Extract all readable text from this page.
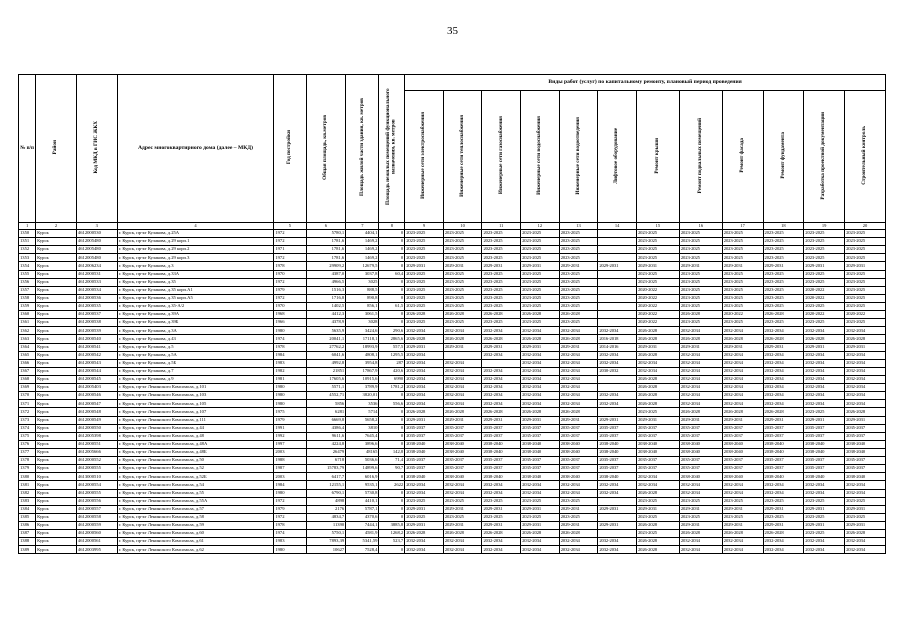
35
№ п/п	Район	Код МКД в ГИС ЖКХ	Адрес многоквартирного дома (далее – МКД)	Год постройки	Общая площадь, кв.метров	Площадь жилой части здания, кв. метров	Площадь нежилых помещений функционального назначения, кв. метров	Виды работ (услуг) по капитальному ремонту, плановый период проведения											
								Инженерные сети электроснабжения	Инженерные сети теплоснабжения	Инженерные сети газоснабжения	Инженерные сети водоснабжения	Инженерные сети водоотведения	Лифтовое оборудование	Ремонт крыши	Ремонт подвальных помещений	Ремонт фасада	Ремонт фундамента	Разработка проектной документации	Строительный контроль
1	2	3	4	5	6	7	8	9	10	11	12	13	14	15	16	17	18	19	20
1350	Курск	4612000530	г. Курск, пр-кт Кулакова, д.25А	1972	5780,1	4404,1	0	2023-2025	2023-2025	2023-2025	2023-2025	2023-2025		2023-2025	2023-2025	2023-2025	2023-2025	2023-2025	2023-2025
1351	Курск	4612005480	г. Курск, пр-кт Кулакова, д.29 корп.1	1972	1781,6	1469,2	0	2023-2025	2023-2025	2023-2025	2023-2025	2023-2025		2023-2025	2023-2025	2023-2025	2023-2025	2023-2025	2023-2025
1352	Курск	4612005480	г. Курск, пр-кт Кулакова, д.29 корп.2	1971	1781,6	1469,2	0	2023-2025	2023-2025	2023-2025	2023-2025	2023-2025		2023-2025	2023-2025	2023-2025	2023-2025	2023-2025	2023-2025
1353	Курск	4612005480	г. Курск, пр-кт Кулакова, д.29 корп.3	1972	1781,6	1469,2	0	2023-2025	2023-2025	2023-2025	2023-2025	2023-2025		2023-2025	2023-2025	2023-2025	2023-2025	2023-2025	2023-2025
1354	Курск	4612006234	г. Курск, пр-кт Кулакова, д.3	1978	29909,2	12679,5	0	2029-2031	2029-2031	2029-2031	2029-2031	2029-2031	2029-2031	2029-2031	2029-2031	2029-2031	2029-2031	2029-2031	2029-2031
1355	Курск	4612000531	г. Курск, пр-кт Кулакова, д.33А	1970	4387,0	3037,8	60,4	2023-2025	2023-2025	2023-2025	2023-2025	2023-2025		2023-2025	2023-2025	2023-2025	2023-2025	2023-2025	2023-2025
1356	Курск	4612000533	г. Курск, пр-кт Кулакова, д.35	1972	4966,5	3025	0	2023-2025	2023-2025	2023-2025	2023-2025	2023-2025		2023-2025	2023-2025	2023-2025	2023-2025	2023-2025	2023-2025
1357	Курск	4612000534	г. Курск, пр-кт Кулакова, д.35 корп.А1	1979	1516,3	888,5	0	2023-2025	2023-2025	2023-2025	2023-2025	2023-2025		2020-2022	2023-2025	2023-2025	2023-2025	2020-2022	2023-2025
1358	Курск	4612000536	г. Курск, пр-кт Кулакова, д.35 корп.А5	1972	1716,8	890,8	0	2023-2025	2023-2025	2023-2025	2023-2025	2023-2025		2020-2022	2023-2025	2023-2025	2023-2025	2020-2022	2023-2025
1359	Курск	4612000535	г. Курск, пр-кт Кулакова, д.35-А/2	1970	1402,5	856,1	61,5	2023-2025	2023-2025	2023-2025	2023-2025	2023-2025		2020-2022	2023-2025	2023-2025	2023-2025	2023-2025	2023-2025
1360	Курск	4612000537	г. Курск, пр-кт Кулакова, д.39А	1968	4412,3	3061,5	0	2026-2028	2026-2028	2026-2028	2026-2028	2026-2028		2020-2022	2026-2028	2020-2022	2026-2028	2020-2022	2020-2022
1361	Курск	4612000538	г. Курск, пр-кт Кулакова, д.39Б	1966	4378,9	3028	0	2023-2025	2023-2025	2023-2025	2023-2025	2023-2025		2020-2022	2023-2025	2023-2025	2023-2025	2023-2025	2023-2025
1362	Курск	4612000539	г. Курск, пр-кт Кулакова, д.3А	1980	5635,9	3424,6	290,6	2032-2034	2032-2034	2032-2034	2032-2034	2032-2034	2032-2034	2026-2028	2032-2034	2032-2034	2032-2034	2032-2034	2032-2034
1363	Курск	4612000540	г. Курск, пр-кт Кулакова, д.43	1974	20041,1	17118,1	2865,6	2026-2028	2026-2028	2026-2028	2026-2028	2026-2028	2016-2018	2026-2028	2026-2028	2026-2028	2026-2028	2026-2028	2026-2028
1364	Курск	4612000541	г. Курск, пр-кт Кулакова, д.5	1978	27762,2	18993,9	557,5	2029-2031	2029-2031	2029-2031	2029-2031	2029-2031	2014-2016	2029-2031	2029-2031	2029-2031	2029-2031	2029-2031	2029-2031
1365	Курск	4612000542	г. Курск, пр-кт Кулакова, д.5А	1984	6041,6	4808,1	1295,5	2032-2034		2032-2034	2032-2034	2032-2034	2032-2034	2026-2028	2032-2034	2032-2034	2032-2034	2032-2034	2032-2034
1366	Курск	4612000543	г. Курск, пр-кт Кулакова, д.5Б	1983	4992,8	3954,8	287	2032-2034	2032-2034		2032-2034	2032-2034	2032-2034	2032-2034	2032-2034	2032-2034	2032-2034	2032-2034	2032-2034
1367	Курск	4612000544	г. Курск, пр-кт Кулакова, д.7	1982	21851	17867,9	420,6	2032-2034	2032-2034	2032-2034	2032-2034	2032-2034	2030-2032	2032-2034	2032-2034	2032-2034	2032-2034	2032-2034	2032-2034
1368	Курск	4612000545	г. Курск, пр-кт Кулакова, д.9	1981	17605,6	10915,6	6990	2032-2034	2032-2034	2032-2034	2032-2034	2032-2034		2026-2028	2032-2034	2032-2034	2032-2034	2032-2034	2032-2034
1369	Курск	4612005403	г. Курск, пр-кт Ленинского Комсомола, д.101	1980	5571,1	3789,9	1781,2	2032-2034	2032-2034	2032-2034	2032-2034	2032-2034		2026-2028	2032-2034	2032-2034	2032-2034	2032-2034	2032-2034
1370	Курск	4612000546	г. Курск, пр-кт Ленинского Комсомола, д.103	1980	4552,71	3820,01	0	2032-2034	2032-2034	2032-2034	2032-2034	2032-2034	2032-2034	2026-2028	2032-2034	2032-2034	2032-2034	2032-2034	2032-2034
1371	Курск	4612000547	г. Курск, пр-кт Ленинского Комсомола, д.105	1980	5856	3536	556,6	2032-2034	2032-2034	2032-2034	2032-2034	2032-2034	2032-2034	2026-2028	2032-2034	2032-2034	2032-2034	2032-2034	2032-2034
1372	Курск	4612000548	г. Курск, пр-кт Ленинского Комсомола, д.107	1975	6281	5714	0	2026-2028	2026-2028	2026-2028	2026-2028	2026-2028		2023-2025	2026-2028	2026-2028	2026-2028	2023-2025	2026-2028
1373	Курск	4612000549	г. Курск, пр-кт Ленинского Комсомола, д.111	1979	6669,8	5658,2	0	2029-2031	2029-2031	2029-2031	2029-2031	2029-2031	2029-2031	2029-2031	2029-2031	2029-2031	2029-2031	2029-2031	2029-2031
1374	Курск	4612000550	г. Курск, пр-кт Ленинского Комсомола, д.44	1991	4386,4	3810	0	2035-2037	2035-2037	2035-2037	2035-2037	2035-2037	2035-2037	2035-2037	2035-2037	2035-2037	2035-2037	2035-2037	2035-2037
1375	Курск	4612005398	г. Курск, пр-кт Ленинского Комсомола, д.48	1992	9611,6	7645,4	0	2035-2037	2035-2037	2035-2037	2035-2037	2035-2037	2035-2037	2035-2037	2035-2037	2035-2037	2035-2037	2035-2037	2035-2037
1376	Курск	4612000551	г. Курск, пр-кт Ленинского Комсомола, д.48А	1997	4224,8	3896,6	0	2038-2040	2038-2040	2038-2040	2038-2040	2038-2040	2038-2040	2038-2040	2038-2040	2038-2040	2038-2040	2038-2040	2038-2040
1377	Курск	4612005666	г. Курск, пр-кт Ленинского Комсомола, д.48Б	2003	26479	48165	142,8	2038-2040	2038-2040	2038-2040	2038-2040	2038-2040	2038-2040	2038-2040	2038-2040	2038-2040	2038-2040	2038-2040	2038-2040
1378	Курск	4612000552	г. Курск, пр-кт Ленинского Комсомола, д.50	1988	6718	5036,6	71,4	2035-2037	2035-2037	2035-2037	2035-2037	2035-2037	2035-2037	2035-2037	2035-2037	2035-2037	2035-2037	2035-2037	2035-2037
1379	Курск	4612000555	г. Курск, пр-кт Ленинского Комсомола, д.52	1987	15783,79	14899,6	90,7	2035-2037	2035-2037	2035-2037	2035-2037	2035-2037	2035-2037	2035-2037	2035-2037	2035-2037	2035-2037	2035-2037	2035-2037
1380	Курск	4613000510	г. Курск, пр-кт Ленинского Комсомола, д.52Б	2003	6417,7	6016,9	0	2038-2040	2038-2040	2038-2040	2038-2040	2038-2040	2038-2040	2032-2034	2038-2040	2038-2040	2038-2040	2038-2040	2038-2040
1381	Курск	4612000554	г. Курск, пр-кт Ленинского Комсомола, д.54	1984	12155,1	9535,1	2622	2032-2034	2032-2034	2032-2034	2032-2034	2032-2034	2032-2034	2032-2034	2032-2034	2032-2034	2032-2034	2032-2034	2032-2034
1382	Курск	4612000555	г. Курск, пр-кт Ленинского Комсомола, д.55	1980	6790,1	5730,8	0	2032-2034	2032-2034	2032-2034	2032-2034	2032-2034	2032-2034	2026-2028	2032-2034	2032-2034	2032-2034	2032-2034	2032-2034
1383	Курск	4612000556	г. Курск, пр-кт Ленинского Комсомола, д.55А	1972	4898	4410,1	0	2023-2025	2023-2025	2023-2025	2023-2025	2023-2025		2023-2025	2023-2025	2023-2025	2023-2025	2023-2025	2023-2025
1384	Курск	4612000557	г. Курск, пр-кт Ленинского Комсомола, д.57	1979	2176	5787,1	0	2029-2031	2029-2031	2029-2031	2029-2031	2029-2031	2029-2031	2029-2031	2029-2031	2029-2031	2029-2031	2029-2031	2029-2031
1385	Курск	4612000558	г. Курск, пр-кт Ленинского Комсомола, д.58	1972	4834,7	4370,6	0	2023-2025	2023-2025	2023-2025	2023-2025	2023-2025		2023-2025	2023-2025	2023-2025	2023-2025	2023-2025	2023-2025
1386	Курск	4612000559	г. Курск, пр-кт Ленинского Комсомола, д.59	1978	11390	7444,1	3885,8	2029-2031	2029-2031	2029-2031	2029-2031	2029-2031	2029-2031	2026-2028	2029-2031	2029-2031	2029-2031	2029-2031	2029-2031
1387	Курск	4612000560	г. Курск, пр-кт Ленинского Комсомола, д.60	1974	5750,1	4581,9	1268,2	2026-2028	2026-2028	2026-2028	2026-2028	2026-2028		2023-2025	2026-2028	2026-2028	2026-2028	2023-2025	2026-2028
1388	Курск	4612000561	г. Курск, пр-кт Ленинского Комсомола, д.61	1983	7893,39	5341,59	523,7	2032-2034	2032-2034	2032-2034	2032-2034	2032-2034	2032-2034	2026-2028	2032-2034	2032-2034	2032-2034	2032-2034	2032-2034
1389	Курск	4612003995	г. Курск, пр-кт Ленинского Комсомола, д.62	1980	10627	7528,4	0	2032-2034	2032-2034	2032-2034	2032-2034	2032-2034	2032-2034	2026-2028	2032-2034	2032-2034	2032-2034	2032-2034	2032-2034
